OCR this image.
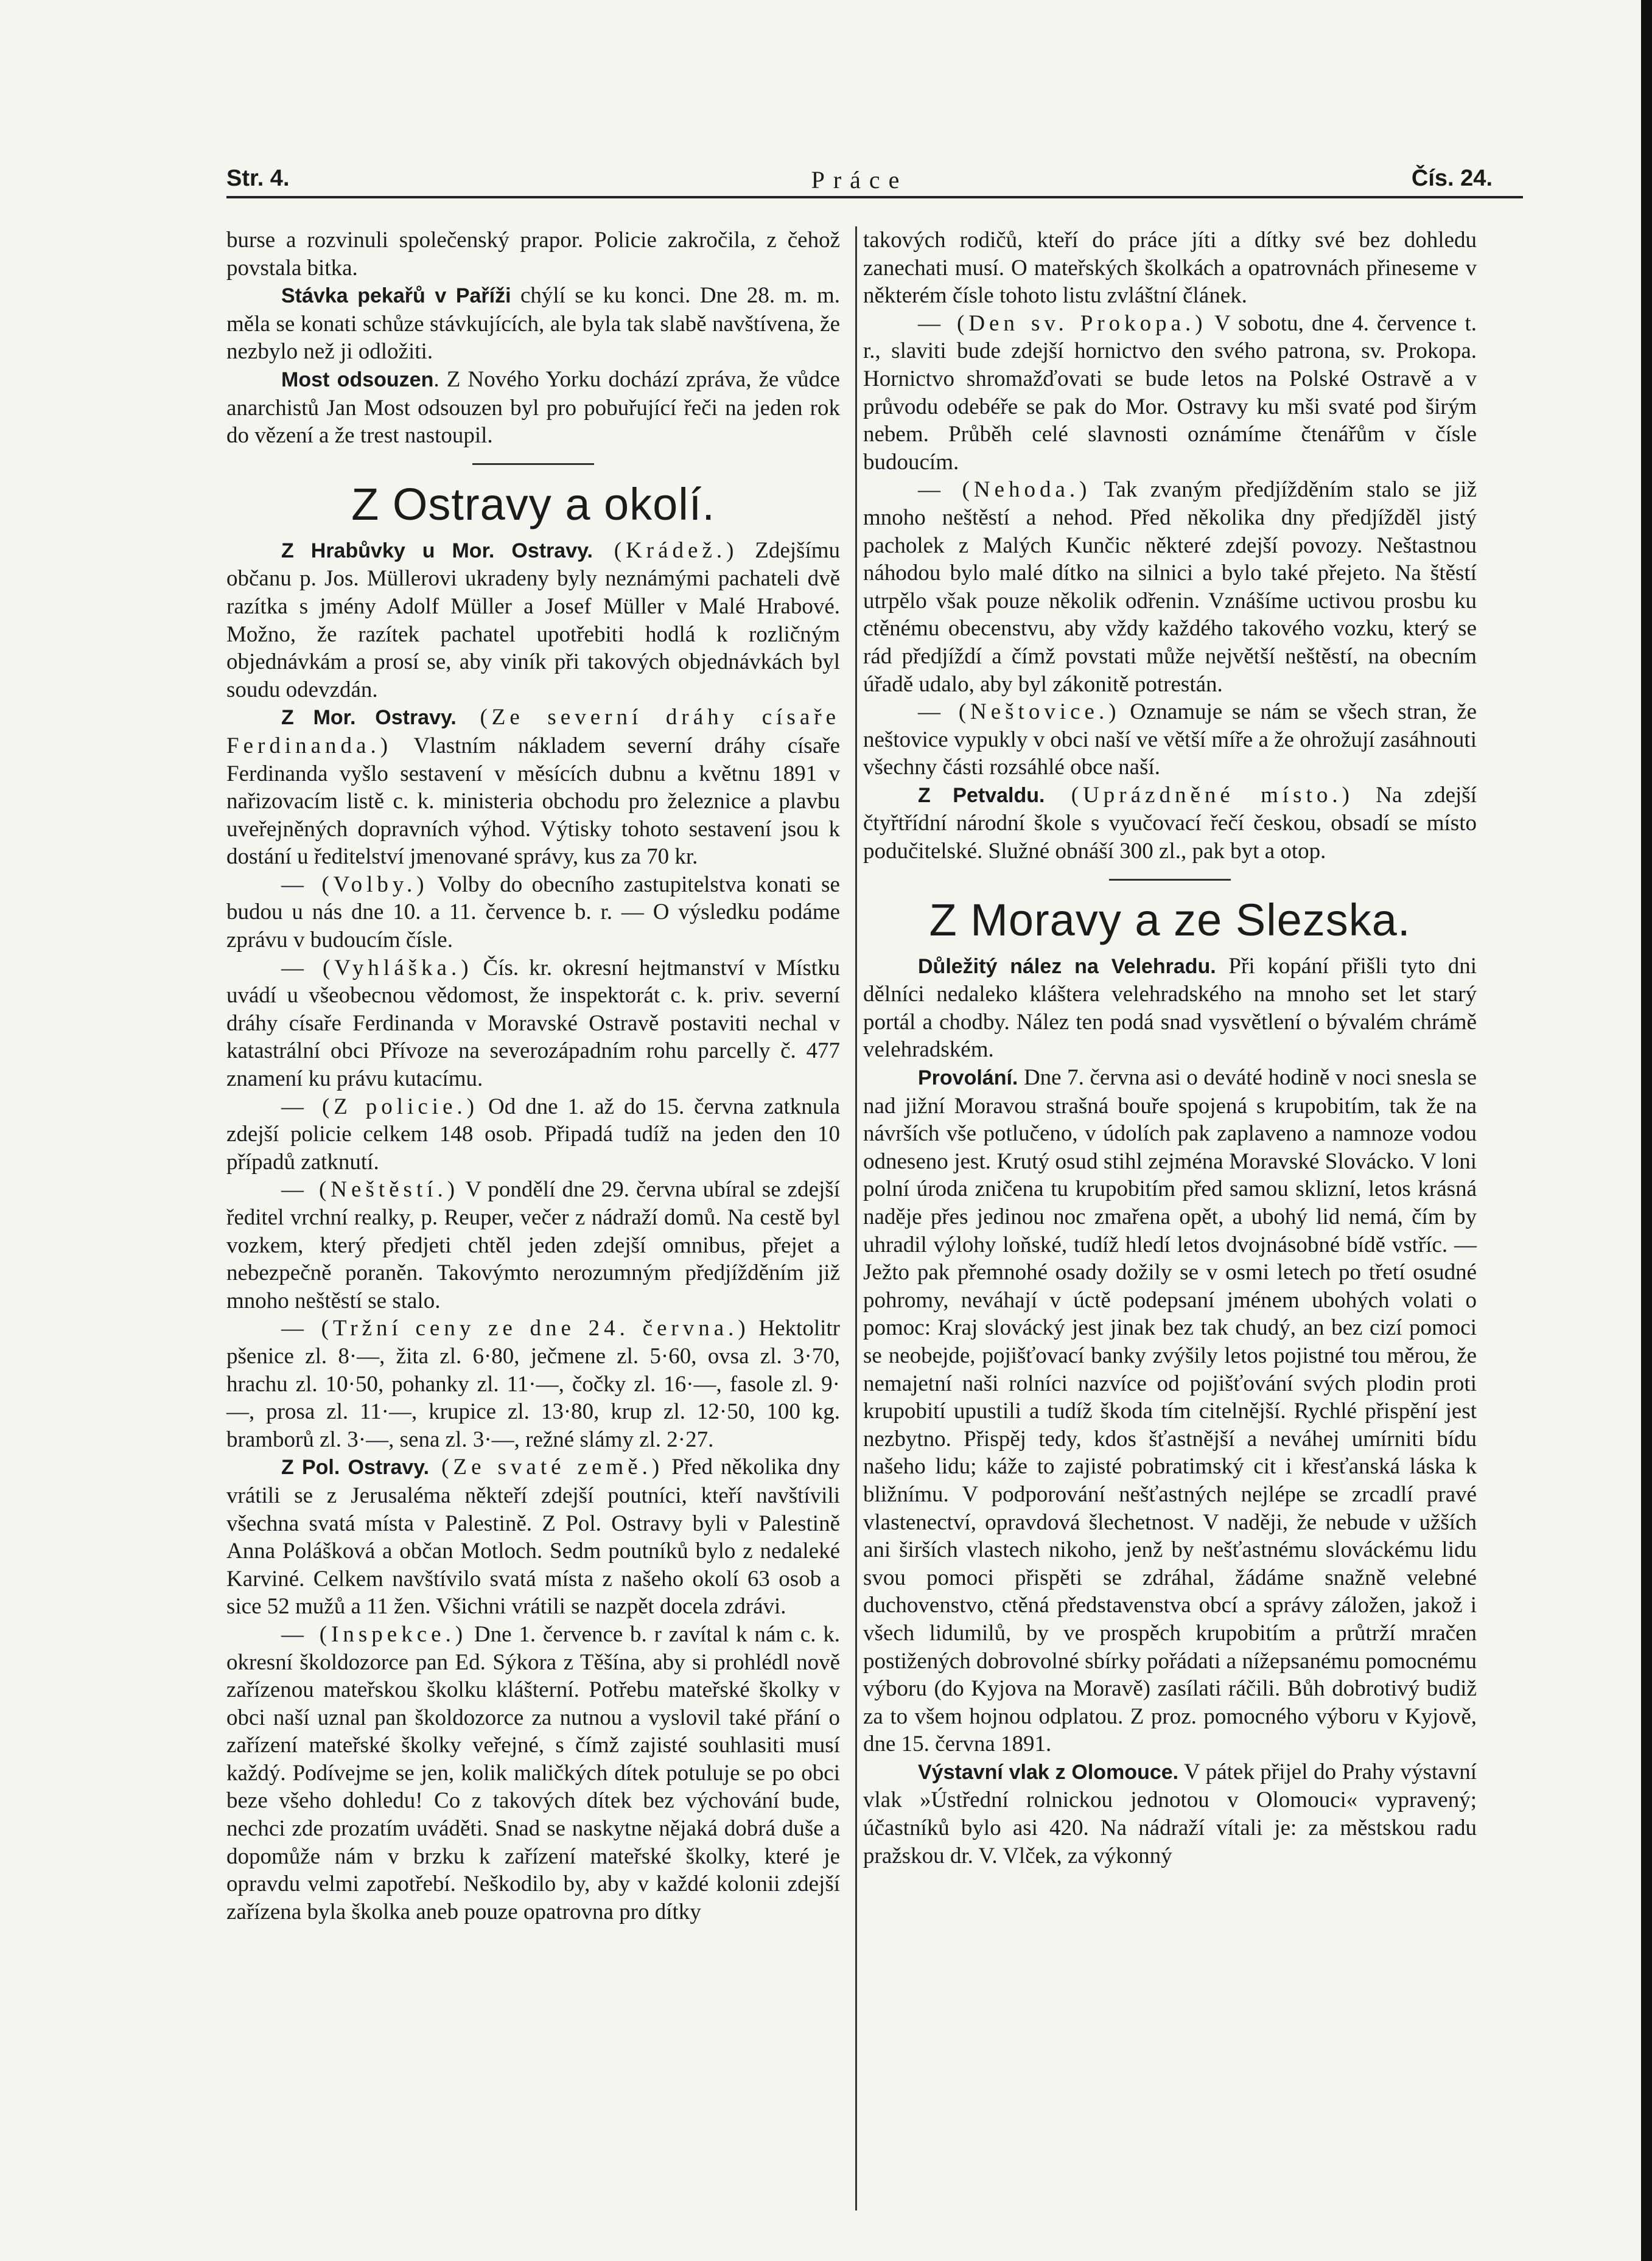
Str. 4.	Práce	Čís. 24.

burse a rozvinuli společenský prapor. Policie zakročila, z čehož povstala bitka.

Stávka pekařů v Paříži chýlí se ku konci. Dne 28. m. m. měla se konati schůze stávkujících, ale byla tak slabě navštívena, že nezbylo než ji odložiti.

Most odsouzen. Z Nového Yorku dochází zpráva, že vůdce anarchistů Jan Most odsouzen byl pro pobuřující řeči na jeden rok do vězení a že trest nastoupil.

Z Ostravy a okolí.

Z Hrabůvky u Mor. Ostravy. (Krádež.) Zdejšímu občanu p. Jos. Müllerovi ukradeny byly neznámými pachateli dvě razítka s jmény Adolf Müller a Josef Müller v Malé Hrabové. Možno, že razítek pachatel upotřebiti hodlá k rozličným objednávkám a prosí se, aby viník při takových objednávkách byl soudu odevzdán.

Z Mor. Ostravy. (Ze severní dráhy císaře Ferdinanda.) Vlastním nákladem severní dráhy císaře Ferdinanda vyšlo sestavení v měsících dubnu a květnu 1891 v nařizovacím listě c. k. ministeria obchodu pro železnice a plavbu uveřejněných dopravních výhod. Výtisky tohoto sestavení jsou k dostání u ředitelství jmenované správy, kus za 70 kr.

— (Volby.) Volby do obecního zastupitelstva konati se budou u nás dne 10. a 11. července b. r. — O výsledku podáme zprávu v budoucím čísle.

— (Vyhláška.) Čís. kr. okresní hejtmanství v Místku uvádí u všeobecnou vědomost, že inspektorát c. k. priv. severní dráhy císaře Ferdinanda v Moravské Ostravě postaviti nechal v katastrální obci Přívoze na severozápadním rohu parcelly č. 477 znamení ku právu kutacímu.

— (Z policie.) Od dne 1. až do 15. června zatknula zdejší policie celkem 148 osob. Připadá tudíž na jeden den 10 případů zatknutí.

— (Neštěstí.) V pondělí dne 29. června ubíral se zdejší ředitel vrchní realky, p. Reuper, večer z nádraží domů. Na cestě byl vozkem, který předjeti chtěl jeden zdejší omnibus, přejet a nebezpečně poraněn. Takovýmto nerozumným předjížděním již mnoho neštěstí se stalo.

— (Tržní ceny ze dne 24. června.) Hektolitr pšenice zl. 8·—, žita zl. 6·80, ječmene zl. 5·60, ovsa zl. 3·70, hrachu zl. 10·50, pohanky zl. 11·—, čočky zl. 16·—, fasole zl. 9·—, prosa zl. 11·—, krupice zl. 13·80, krup zl. 12·50, 100 kg. bramborů zl. 3·—, sena zl. 3·—, režné slámy zl. 2·27.

Z Pol. Ostravy. (Ze svaté země.) Před několika dny vrátili se z Jerusaléma někteří zdejší poutníci, kteří navštívili všechna svatá místa v Palestině. Z Pol. Ostravy byli v Palestině Anna Polášková a občan Motloch. Sedm poutníků bylo z nedaleké Karviné. Celkem navštívilo svatá místa z našeho okolí 63 osob a sice 52 mužů a 11 žen. Všichni vrátili se nazpět docela zdrávi.

— (Inspekce.) Dne 1. července b. r zavítal k nám c. k. okresní školdozorce pan Ed. Sýkora z Těšína, aby si prohlédl nově zařízenou mateřskou školku klášterní. Potřebu mateřské školky v obci naší uznal pan školdozorce za nutnou a vyslovil také přání o zařízení mateřské školky veřejné, s čímž zajisté souhlasiti musí každý. Podívejme se jen, kolik maličkých dítek potuluje se po obci beze všeho dohledu! Co z takových dítek bez výchování bude, nechci zde prozatím uváděti. Snad se naskytne nějaká dobrá duše a dopomůže nám v brzku k zařízení mateřské školky, které je opravdu velmi zapotřebí. Neškodilo by, aby v každé kolonii zdejší zařízena byla školka aneb pouze opatrovna pro dítky

takových rodičů, kteří do práce jíti a dítky své bez dohledu zanechati musí. O mateřských školkách a opatrovnách přineseme v některém čísle tohoto listu zvláštní článek.

— (Den sv. Prokopa.) V sobotu, dne 4. července t. r., slaviti bude zdejší hornictvo den svého patrona, sv. Prokopa. Hornictvo shromažďovati se bude letos na Polské Ostravě a v průvodu odebéře se pak do Mor. Ostravy ku mši svaté pod širým nebem. Průběh celé slavnosti oznámíme čtenářům v čísle budoucím.

— (Nehoda.) Tak zvaným předjížděním stalo se již mnoho neštěstí a nehod. Před několika dny předjížděl jistý pacholek z Malých Kunčic některé zdejší povozy. Neštastnou náhodou bylo malé dítko na silnici a bylo také přejeto. Na štěstí utrpělo však pouze několik odřenin. Vznášíme uctivou prosbu ku ctěnému obecenstvu, aby vždy každého takového vozku, který se rád předjíždí a čímž povstati může největší neštěstí, na obecním úřadě udalo, aby byl zákonitě potrestán.

— (Neštovice.) Oznamuje se nám se všech stran, že neštovice vypukly v obci naší ve větší míře a že ohrožují zasáhnouti všechny části rozsáhlé obce naší.

Z Petvaldu. (Uprázdněné místo.) Na zdejší čtyřtřídní národní škole s vyučovací řečí českou, obsadí se místo podučitelské. Služné obnáší 300 zl., pak byt a otop.

Z Moravy a ze Slezska.

Důležitý nález na Velehradu. Při kopání přišli tyto dni dělníci nedaleko kláštera velehradského na mnoho set let starý portál a chodby. Nález ten podá snad vysvětlení o bývalém chrámě velehradském.

Provolání. Dne 7. června asi o deváté hodině v noci snesla se nad jižní Moravou strašná bouře spojená s krupobitím, tak že na návrších vše potlučeno, v údolích pak zaplaveno a namnoze vodou odneseno jest. Krutý osud stihl zejména Moravské Slovácko. V loni polní úroda zničena tu krupobitím před samou sklizní, letos krásná naděje přes jedinou noc zmařena opět, a ubohý lid nemá, čím by uhradil výlohy loňské, tudíž hledí letos dvojnásobné bídě vstříc. — Ježto pak přemnohé osady dožily se v osmi letech po třetí osudné pohromy, neváhají v úctě podepsaní jménem ubohých volati o pomoc: Kraj slovácký jest jinak bez tak chudý, an bez cizí pomoci se neobejde, pojišťovací banky zvýšily letos pojistné tou měrou, že nemajetní naši rolníci nazvíce od pojišťování svých plodin proti krupobití upustili a tudíž škoda tím citelnější. Rychlé přispění jest nezbytno. Přispěj tedy, kdos šťastnější a neváhej umírniti bídu našeho lidu; káže to zajisté pobratimský cit i křesťanská láska k bližnímu. V podporování nešťastných nejlépe se zrcadlí pravé vlastenectví, opravdová šlechetnost. V naději, že nebude v užších ani širších vlastech nikoho, jenž by nešťastnému slováckému lidu svou pomoci přispěti se zdráhal, žádáme snažně velebné duchovenstvo, ctěná představenstva obcí a správy záložen, jakož i všech lidumilů, by ve prospěch krupobitím a průtrží mračen postižených dobrovolné sbírky pořádati a nížepsanému pomocnému výboru (do Kyjova na Moravě) zasílati ráčili. Bůh dobrotivý budiž za to všem hojnou odplatou. Z proz. pomocného výboru v Kyjově, dne 15. června 1891.

Výstavní vlak z Olomouce. V pátek přijel do Prahy výstavní vlak »Ústřední rolnickou jednotou v Olomouci« vypravený; účastníků bylo asi 420. Na nádraží vítali je: za městskou radu pražskou dr. V. Vlček, za výkonný
